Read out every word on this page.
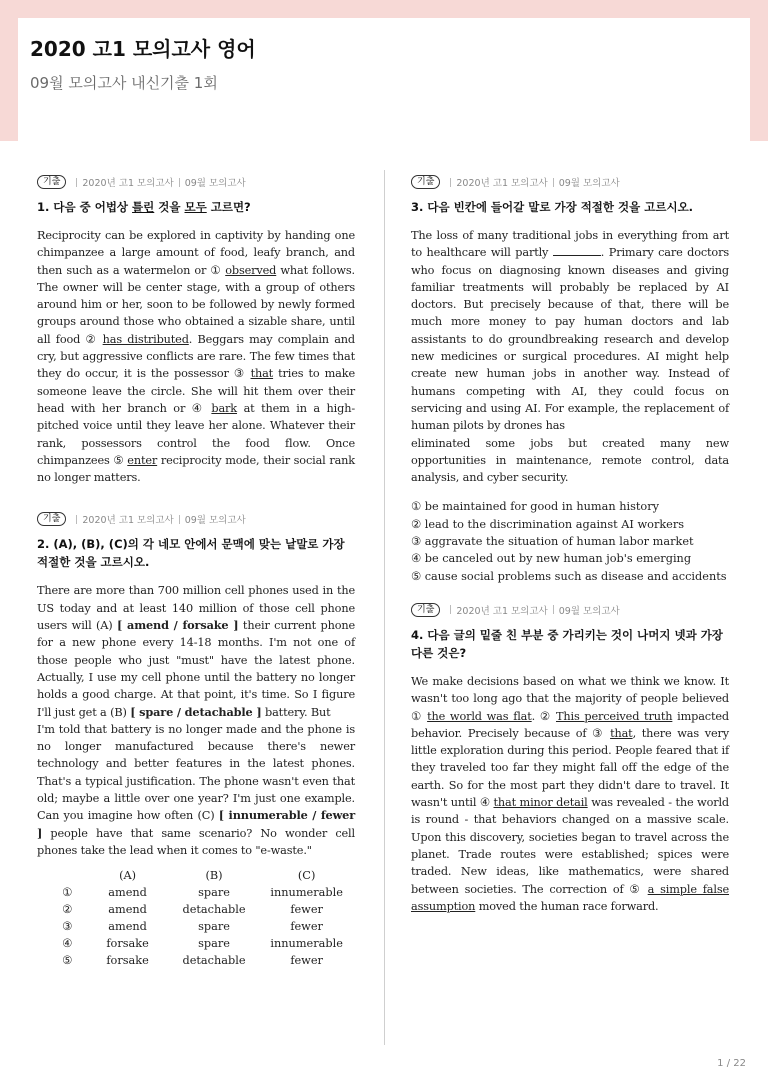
2020 고1 모의고사 영어
09월 모의고사 내신기출 1회
기출	2020년 고1 모의고사 09월 모의고사
1. 다음 중 어법상 틀린 것을 모두 고르면?
Reciprocity can be explored in captivity by handing one chimpanzee a large amount of food, leafy branch, and then such as a watermelon or ① observed what follows. The owner will be center stage, with a group of others around him or her, soon to be followed by newly formed groups around those who obtained a sizable share, until all food ② has distributed. Beggars may complain and cry, but aggressive conflicts are rare. The few times that they do occur, it is the possessor ③ that tries to make someone leave the circle. She will hit them over their head with her branch or ④ bark at them in a high-pitched voice until they leave her alone. Whatever their rank, possessors control the food flow. Once chimpanzees ⑤ enter reciprocity mode, their social rank no longer matters.
기출	2020년 고1 모의고사 09월 모의고사
2. (A), (B), (C)의 각 네모 안에서 문맥에 맞는 낱말로 가장 적절한 것을 고르시오.
There are more than 700 million cell phones used in the US today and at least 140 million of those cell phone users will (A) [ amend / forsake ] their current phone for a new phone every 14-18 months. I'm not one of those people who just "must" have the latest phone. Actually, I use my cell phone until the battery no longer holds a good charge. At that point, it's time. So I figure I'll just get a (B) [ spare / detachable ] battery. But
I'm told that battery is no longer made and the phone is no longer manufactured because there's newer technology and better features in the latest phones. That's a typical justification. The phone wasn't even that old; maybe a little over one year? I'm just one example. Can you imagine how often (C) [ innumerable / fewer ] people have that same scenario? No wonder cell phones take the lead when it comes to "e-waste."
	(A)	(B)	(C)
①	amend	spare	innumerable
②	amend	detachable	fewer
③	amend	spare	fewer
④	forsake	spare	innumerable
⑤	forsake	detachable	fewer
기출	2020년 고1 모의고사 09월 모의고사
3. 다음 빈칸에 들어갈 말로 가장 적절한 것을 고르시오.
The loss of many traditional jobs in everything from art to healthcare will partly	. Primary care doctors who focus on diagnosing known diseases and giving familiar treatments will probably be replaced by AI doctors. But precisely because of that, there will be much more money to pay human doctors and lab assistants to do groundbreaking research and develop new medicines or surgical procedures. AI might help create new human jobs in another way. Instead of humans competing with AI, they could focus on servicing and using AI. For example, the replacement of human pilots by drones has
eliminated some jobs but created many new opportunities in maintenance, remote control, data analysis, and cyber security.
① be maintained for good in human history
② lead to the discrimination against AI workers
③ aggravate the situation of human labor market
④ be canceled out by new human job's emerging
⑤ cause social problems such as disease and accidents
기출	2020년 고1 모의고사 09월 모의고사
4. 다음 글의 밑줄 친 부분 중 가리키는 것이 나머지 넷과 가장 다른 것은?
We make decisions based on what we think we know. It wasn't too long ago that the majority of people believed ① the world was flat. ② This perceived truth impacted behavior. Precisely because of ③ that, there was very little exploration during this period. People feared that if they traveled too far they might fall off the edge of the earth. So for the most part they didn't dare to travel. It wasn't until ④ that minor detail was revealed - the world is round - that behaviors changed on a massive scale. Upon this discovery, societies began to travel across the planet. Trade routes were established; spices were traded. New ideas, like mathematics, were shared between societies. The correction of ⑤ a simple false assumption moved the human race forward.
1 / 22
